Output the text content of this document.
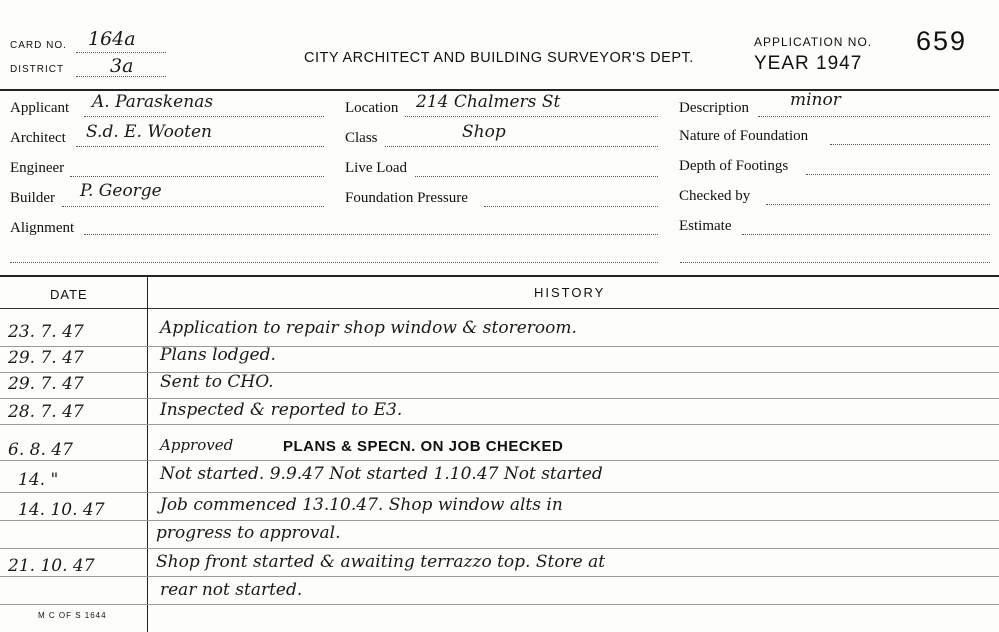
CARD NO. 164a
DISTRICT 3a	CITY ARCHITECT AND BUILDING SURVEYOR'S DEPT.
APPLICATION NO. 659
YEAR 1947
Applicant A. Paraskenas
Architect S.d. E. Wooten
Engineer
Builder P. George
Alignment
Location 214 Chalmers St
Class	Shop
Live Load
Foundation Pressure
Description minor
Nature of Foundation
Depth of Footings
Checked by
Estimate
DATE	HISTORY
23. 7. 47	Application to repair shop window & storeroom.
29. 7. 47	Plans lodged.
29. 7. 47	Sent to CHO.
28. 7. 47	Inspected & reported to E3.
6. 8. 47	Approved	PLANS & SPECN. ON JOB CHECKED
14. "	Not started. 9.9.47 Not started 1.10.47 Not started
14. 10. 47	Job commenced 13.10.47. Shop window alts in
progress to approval.
21. 10. 47	Shop front started & awaiting terrazzo top. Store at
rear not started.
M C OF S 1644
